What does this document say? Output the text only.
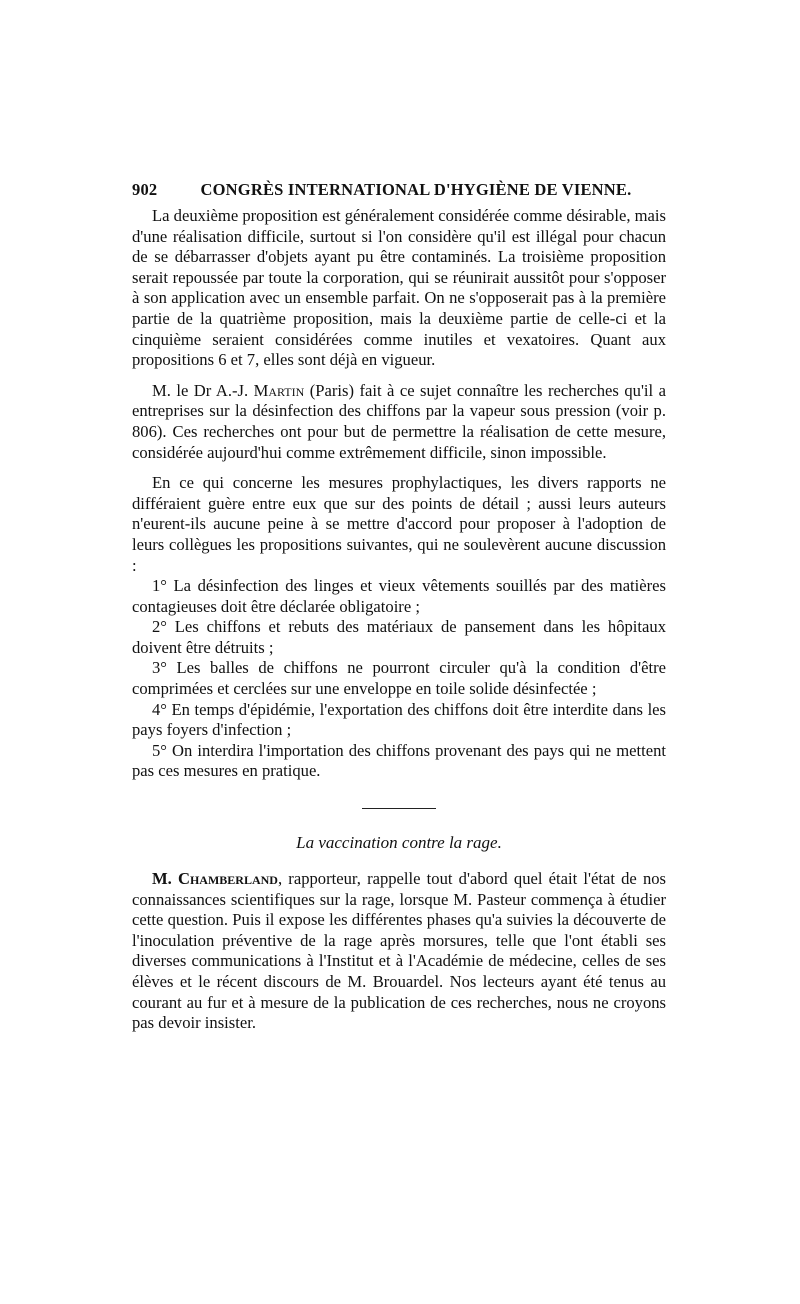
902	CONGRÈS INTERNATIONAL D'HYGIÈNE DE VIENNE.

La deuxième proposition est généralement considérée comme désirable, mais d'une réalisation difficile, surtout si l'on considère qu'il est illégal pour chacun de se débarrasser d'objets ayant pu être contaminés. La troisième proposition serait repoussée par toute la corporation, qui se réunirait aussitôt pour s'opposer à son application avec un ensemble parfait. On ne s'opposerait pas à la première partie de la quatrième proposition, mais la deuxième partie de celle-ci et la cinquième seraient considérées comme inutiles et vexatoires. Quant aux propositions 6 et 7, elles sont déjà en vigueur.

M. le Dr A.-J. Martin (Paris) fait à ce sujet connaître les recherches qu'il a entreprises sur la désinfection des chiffons par la vapeur sous pression (voir p. 806). Ces recherches ont pour but de permettre la réalisation de cette mesure, considérée aujourd'hui comme extrêmement difficile, sinon impossible.

En ce qui concerne les mesures prophylactiques, les divers rapports ne différaient guère entre eux que sur des points de détail ; aussi leurs auteurs n'eurent-ils aucune peine à se mettre d'accord pour proposer à l'adoption de leurs collègues les propositions suivantes, qui ne soulevèrent aucune discussion :

1° La désinfection des linges et vieux vêtements souillés par des matières contagieuses doit être déclarée obligatoire ;
2° Les chiffons et rebuts des matériaux de pansement dans les hôpitaux doivent être détruits ;
3° Les balles de chiffons ne pourront circuler qu'à la condition d'être comprimées et cerclées sur une enveloppe en toile solide désinfectée ;
4° En temps d'épidémie, l'exportation des chiffons doit être interdite dans les pays foyers d'infection ;
5° On interdira l'importation des chiffons provenant des pays qui ne mettent pas ces mesures en pratique.
La vaccination contre la rage.

M. Chamberland, rapporteur, rappelle tout d'abord quel était l'état de nos connaissances scientifiques sur la rage, lorsque M. Pasteur commença à étudier cette question. Puis il expose les différentes phases qu'a suivies la découverte de l'inoculation préventive de la rage après morsures, telle que l'ont établi ses diverses communications à l'Institut et à l'Académie de médecine, celles de ses élèves et le récent discours de M. Brouardel. Nos lecteurs ayant été tenus au courant au fur et à mesure de la publication de ces recherches, nous ne croyons pas devoir insister.
